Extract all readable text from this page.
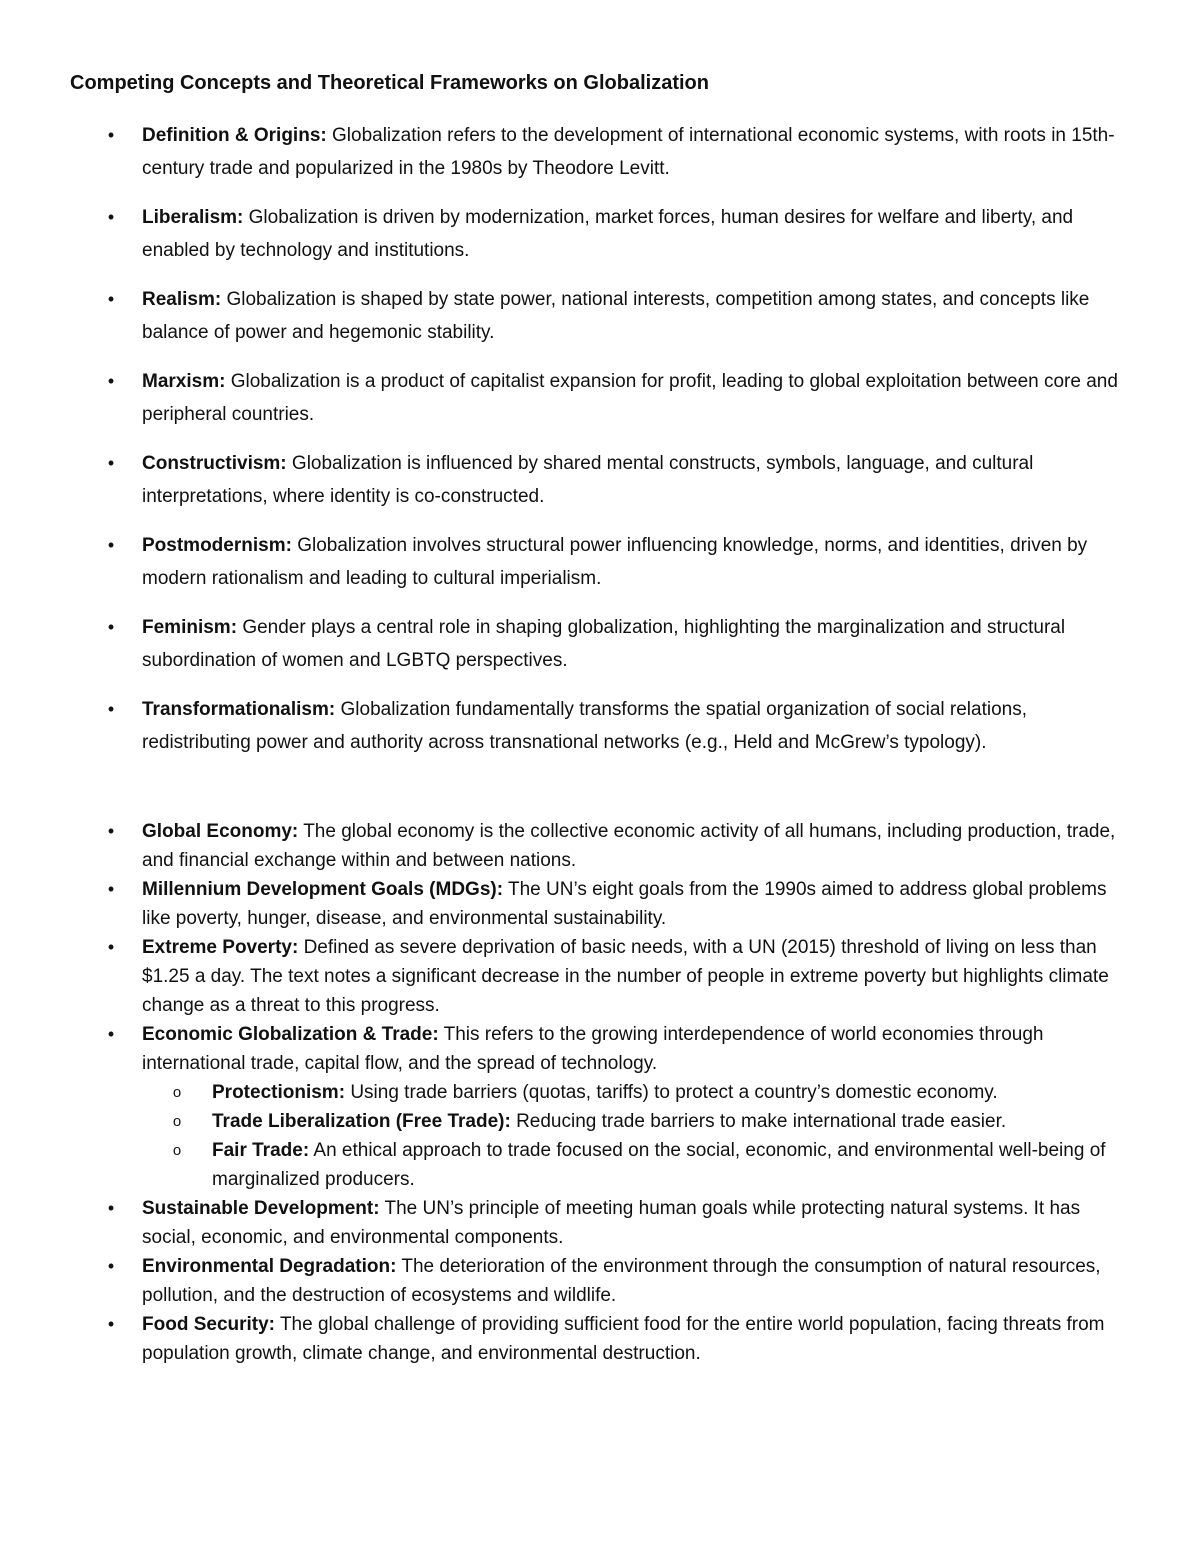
Competing Concepts and Theoretical Frameworks on Globalization
• Definition & Origins: Globalization refers to the development of international economic systems, with roots in 15th-century trade and popularized in the 1980s by Theodore Levitt.
• Liberalism: Globalization is driven by modernization, market forces, human desires for welfare and liberty, and enabled by technology and institutions.
• Realism: Globalization is shaped by state power, national interests, competition among states, and concepts like balance of power and hegemonic stability.
• Marxism: Globalization is a product of capitalist expansion for profit, leading to global exploitation between core and peripheral countries.
• Constructivism: Globalization is influenced by shared mental constructs, symbols, language, and cultural interpretations, where identity is co-constructed.
• Postmodernism: Globalization involves structural power influencing knowledge, norms, and identities, driven by modern rationalism and leading to cultural imperialism.
• Feminism: Gender plays a central role in shaping globalization, highlighting the marginalization and structural subordination of women and LGBTQ perspectives.
• Transformationalism: Globalization fundamentally transforms the spatial organization of social relations, redistributing power and authority across transnational networks (e.g., Held and McGrew’s typology).
• Global Economy: The global economy is the collective economic activity of all humans, including production, trade, and financial exchange within and between nations.
• Millennium Development Goals (MDGs): The UN’s eight goals from the 1990s aimed to address global problems like poverty, hunger, disease, and environmental sustainability.
• Extreme Poverty: Defined as severe deprivation of basic needs, with a UN (2015) threshold of living on less than $1.25 a day. The text notes a significant decrease in the number of people in extreme poverty but highlights climate change as a threat to this progress.
• Economic Globalization & Trade: This refers to the growing interdependence of world economies through international trade, capital flow, and the spread of technology.
o Protectionism: Using trade barriers (quotas, tariffs) to protect a country’s domestic economy.
o Trade Liberalization (Free Trade): Reducing trade barriers to make international trade easier.
o Fair Trade: An ethical approach to trade focused on the social, economic, and environmental well-being of marginalized producers.
• Sustainable Development: The UN’s principle of meeting human goals while protecting natural systems. It has social, economic, and environmental components.
• Environmental Degradation: The deterioration of the environment through the consumption of natural resources, pollution, and the destruction of ecosystems and wildlife.
• Food Security: The global challenge of providing sufficient food for the entire world population, facing threats from population growth, climate change, and environmental destruction.
